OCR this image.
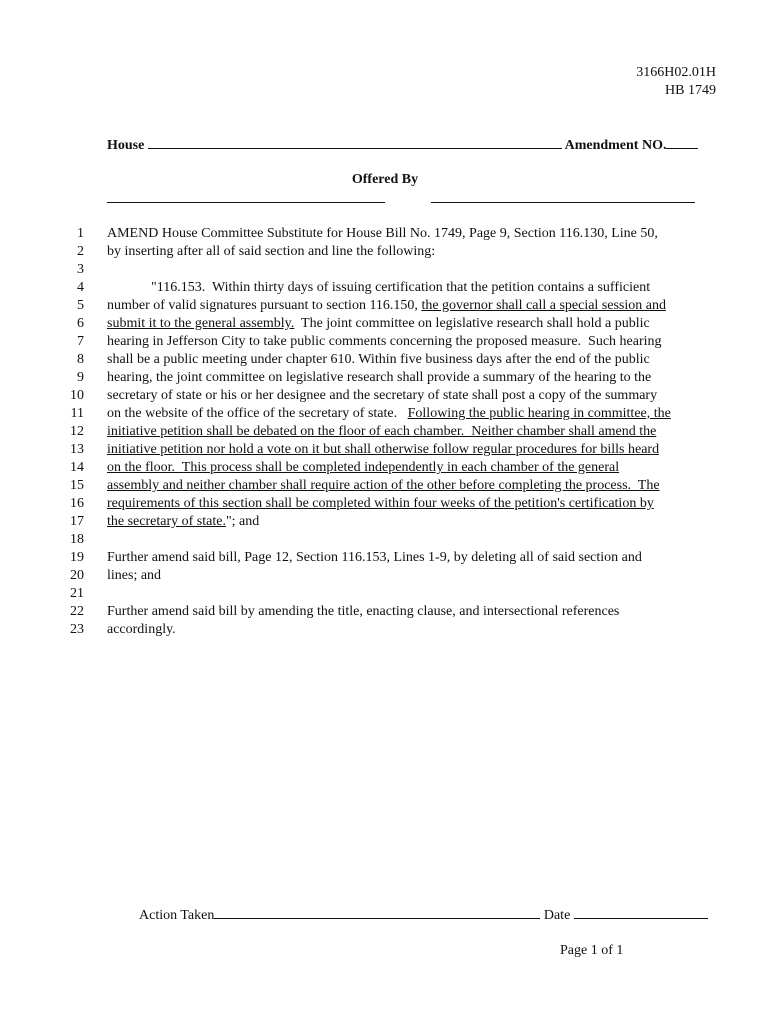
3166H02.01H
HB 1749
House	Amendment NO.
Offered By
1 AMEND House Committee Substitute for House Bill No. 1749, Page 9, Section 116.130, Line 50,
2 by inserting after all of said section and line the following:
3
4	"116.153.  Within thirty days of issuing certification that the petition contains a sufficient
5 number of valid signatures pursuant to section 116.150, the governor shall call a special session and
6 submit it to the general assembly.  The joint committee on legislative research shall hold a public
7 hearing in Jefferson City to take public comments concerning the proposed measure.  Such hearing
8 shall be a public meeting under chapter 610. Within five business days after the end of the public
9 hearing, the joint committee on legislative research shall provide a summary of the hearing to the
10 secretary of state or his or her designee and the secretary of state shall post a copy of the summary
11 on the website of the office of the secretary of state.   Following the public hearing in committee, the
12 initiative petition shall be debated on the floor of each chamber.  Neither chamber shall amend the
13 initiative petition nor hold a vote on it but shall otherwise follow regular procedures for bills heard
14 on the floor.  This process shall be completed independently in each chamber of the general
15 assembly and neither chamber shall require action of the other before completing the process.  The
16 requirements of this section shall be completed within four weeks of the petition's certification by
17 the secretary of state."; and
18
19 Further amend said bill, Page 12, Section 116.153, Lines 1-9, by deleting all of said section and
20 lines; and
21
22 Further amend said bill by amending the title, enacting clause, and intersectional references
23 accordingly.
Action Taken	Date
Page 1 of 1
